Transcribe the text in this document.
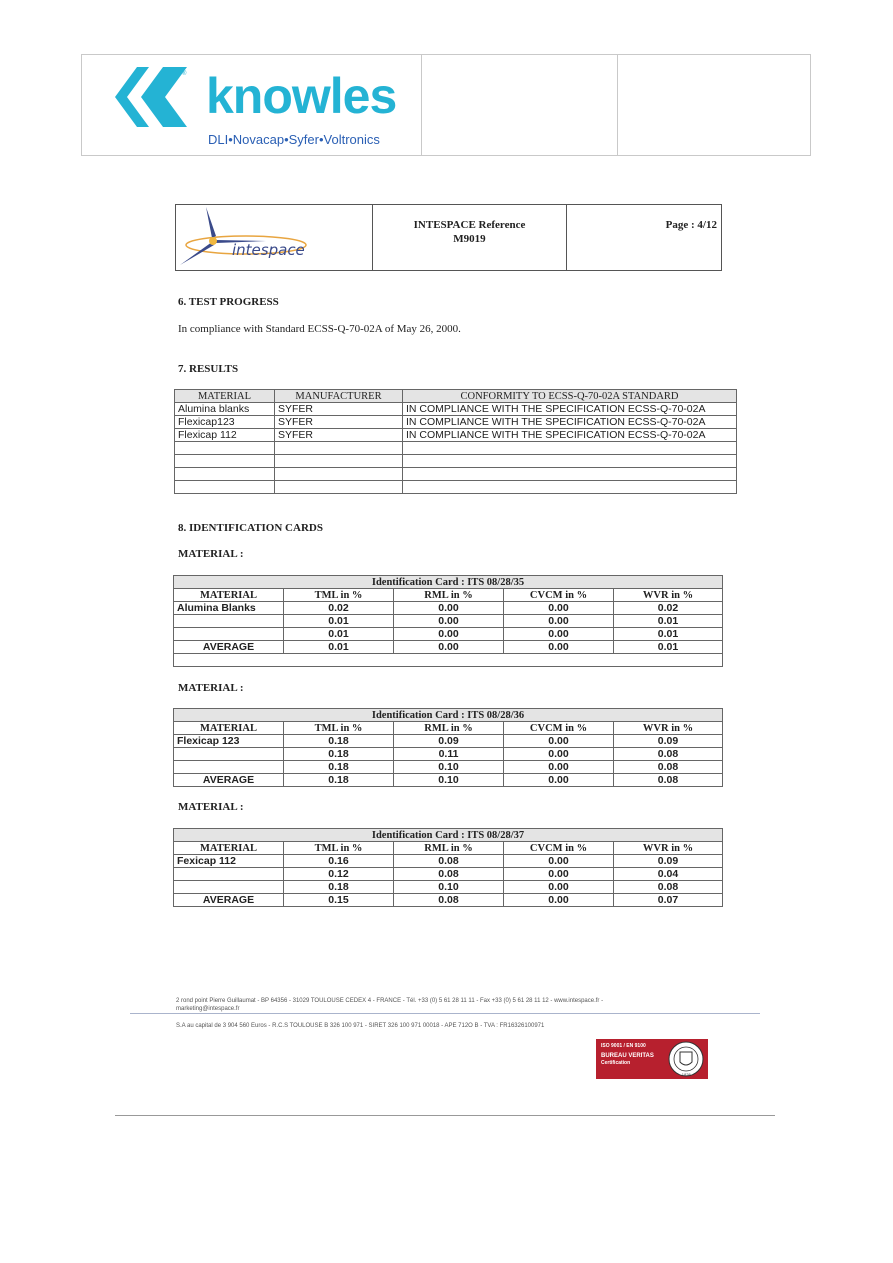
® knowles
DLI•Novacap•Syfer•Voltronics
intespace
INTESPACE Reference
M9019
Page : 4/12
6. TEST PROGRESS
In compliance with Standard ECSS-Q-70-02A of May 26, 2000.
7. RESULTS
MATERIAL	MANUFACTURER	CONFORMITY TO ECSS-Q-70-02A STANDARD
Alumina blanks	SYFER	IN COMPLIANCE WITH THE SPECIFICATION ECSS-Q-70-02A
Flexicap123	SYFER	IN COMPLIANCE WITH THE SPECIFICATION ECSS-Q-70-02A
Flexicap 112	SYFER	IN COMPLIANCE WITH THE SPECIFICATION ECSS-Q-70-02A

8. IDENTIFICATION CARDS
MATERIAL :
Identification Card : ITS 08/28/35				
MATERIAL	TML in %	RML in %	CVCM in %	WVR in %
Alumina Blanks	0.02	0.00	0.00	0.02
	0.01	0.00	0.00	0.01
	0.01	0.00	0.00	0.01
AVERAGE	0.01	0.00	0.00	0.01

MATERIAL :
Identification Card : ITS 08/28/36				
MATERIAL	TML in %	RML in %	CVCM in %	WVR in %
Flexicap 123	0.18	0.09	0.00	0.09
	0.18	0.11	0.00	0.08
	0.18	0.10	0.00	0.08
AVERAGE	0.18	0.10	0.00	0.08
MATERIAL :
Identification Card : ITS 08/28/37				
MATERIAL	TML in %	RML in %	CVCM in %	WVR in %
Fexicap 112	0.16	0.08	0.00	0.09
	0.12	0.08	0.00	0.04
	0.18	0.10	0.00	0.08
AVERAGE	0.15	0.08	0.00	0.07
2 rond point Pierre Guillaumat - BP 64356 - 31029 TOULOUSE CEDEX 4 - FRANCE - Tél. +33 (0) 5 61 28 11 11 - Fax +33 (0) 5 61 28 11 12 - www.intespace.fr -
marketing@intespace.fr
S.A au capital de 3 904 560 Euros - R.C.S TOULOUSE B 326 100 971 - SIRET 326 100 971 00018 - APE 712O B - TVA : FR16326100971
ISO 9001 / EN 9100
BUREAU VERITAS
Certification
1828
